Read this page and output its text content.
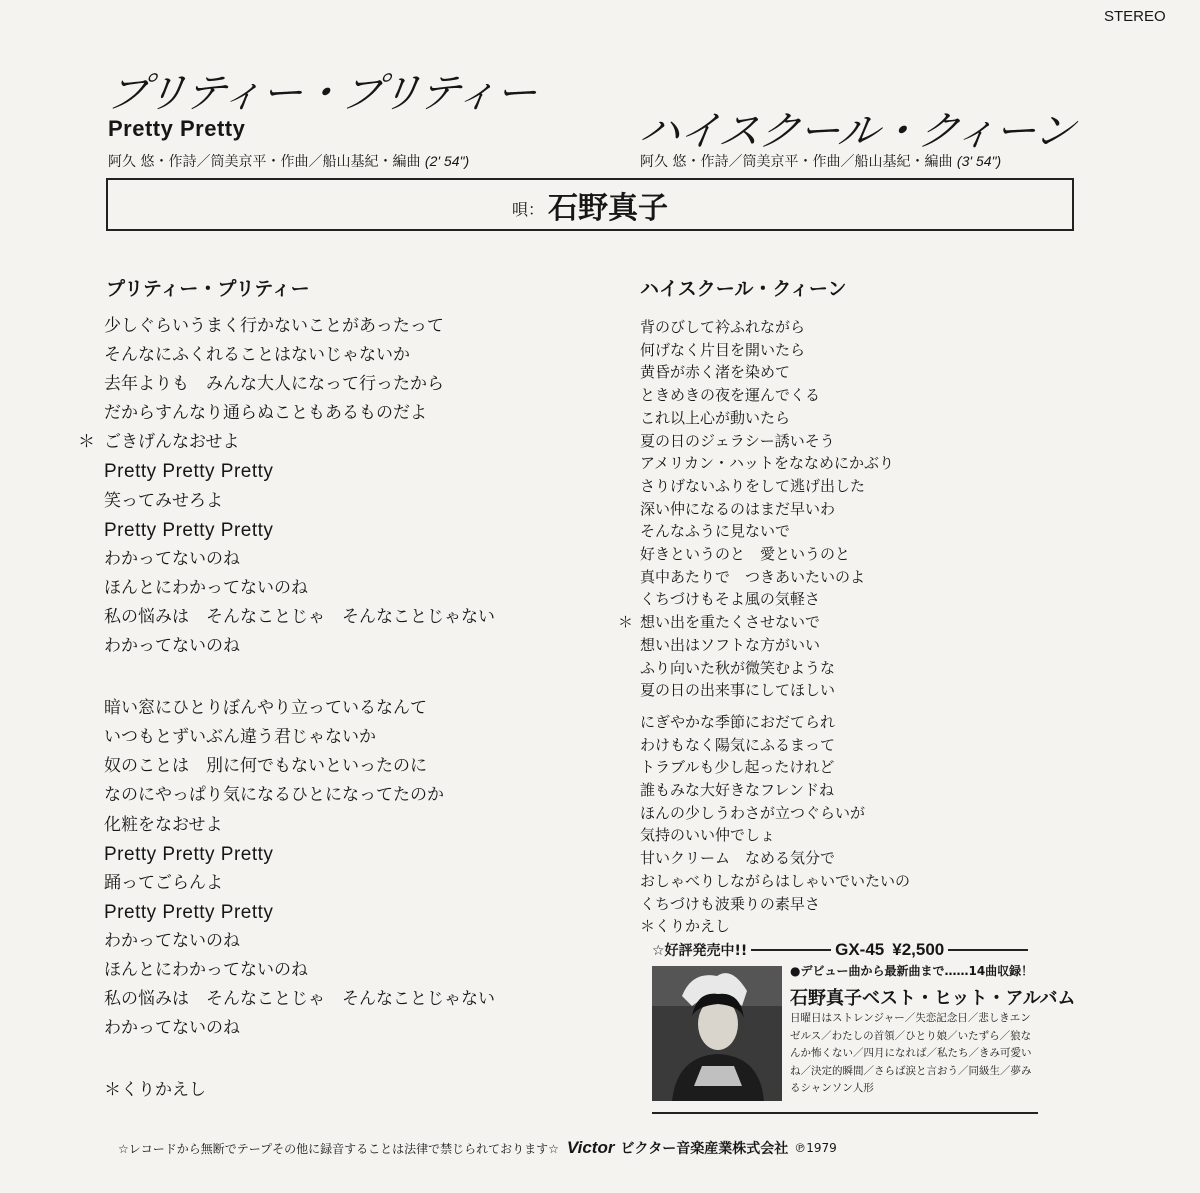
STEREO
プリティー・プリティー
Pretty Pretty
阿久 悠・作詩／筒美京平・作曲／船山基紀・編曲 (2' 54")
ハイスクール・クィーン
阿久 悠・作詩／筒美京平・作曲／船山基紀・編曲 (3' 54")
唄： 石野真子
プリティー・プリティー	ハイスクール・クィーン
少しぐらいうまく行かないことがあったって
そんなにふくれることはないじゃないか
去年よりも　みんな大人になって行ったから
だからすんなり通らぬこともあるものだよ
＊ ごきげんなおせよ
Pretty Pretty Pretty
笑ってみせろよ
Pretty Pretty Pretty
わかってないのね
ほんとにわかってないのね
私の悩みは　そんなことじゃ　そんなことじゃない
わかってないのね
暗い窓にひとりぼんやり立っているなんて
いつもとずいぶん違う君じゃないか
奴のことは　別に何でもないといったのに
なのにやっぱり気になるひとになってたのか
化粧をなおせよ
Pretty Pretty Pretty
踊ってごらんよ
Pretty Pretty Pretty
わかってないのね
ほんとにわかってないのね
私の悩みは　そんなことじゃ　そんなことじゃない
わかってないのね
＊くりかえし
背のびして衿ふれながら
何げなく片目を開いたら
黄昏が赤く渚を染めて
ときめきの夜を運んでくる
これ以上心が動いたら
夏の日のジェラシー誘いそう
アメリカン・ハットをななめにかぶり
さりげないふりをして逃げ出した
深い仲になるのはまだ早いわ
そんなふうに見ないで
好きというのと　愛というのと
真中あたりで　つきあいたいのよ
くちづけもそよ風の気軽さ
＊ 想い出を重たくさせないで
想い出はソフトな方がいい
ふり向いた秋が微笑むような
夏の日の出来事にしてほしい
にぎやかな季節におだてられ
わけもなく陽気にふるまって
トラブルも少し起ったけれど
誰もみな大好きなフレンドね
ほんの少しうわさが立つぐらいが
気持のいい仲でしょ
甘いクリーム　なめる気分で
おしゃべりしながらはしゃいでいたいの
くちづけも波乗りの素早さ
＊くりかえし
☆好評発売中!!	GX-45 ¥2,500
●デビュー曲から最新曲まで……14曲収録！
石野真子ベスト・ヒット・アルバム
日曜日はストレンジャー／失恋記念日／悲しきエンゼルス／わたしの首領／ひとり娘／いたずら／狼なんか怖くない／四月になれば／私たち／きみ可愛いね／決定的瞬間／さらば涙と言おう／同級生／夢みるシャンソン人形
☆レコードから無断でテープその他に録音することは法律で禁じられております☆ Victor ビクター音楽産業株式会社 ℗1979
